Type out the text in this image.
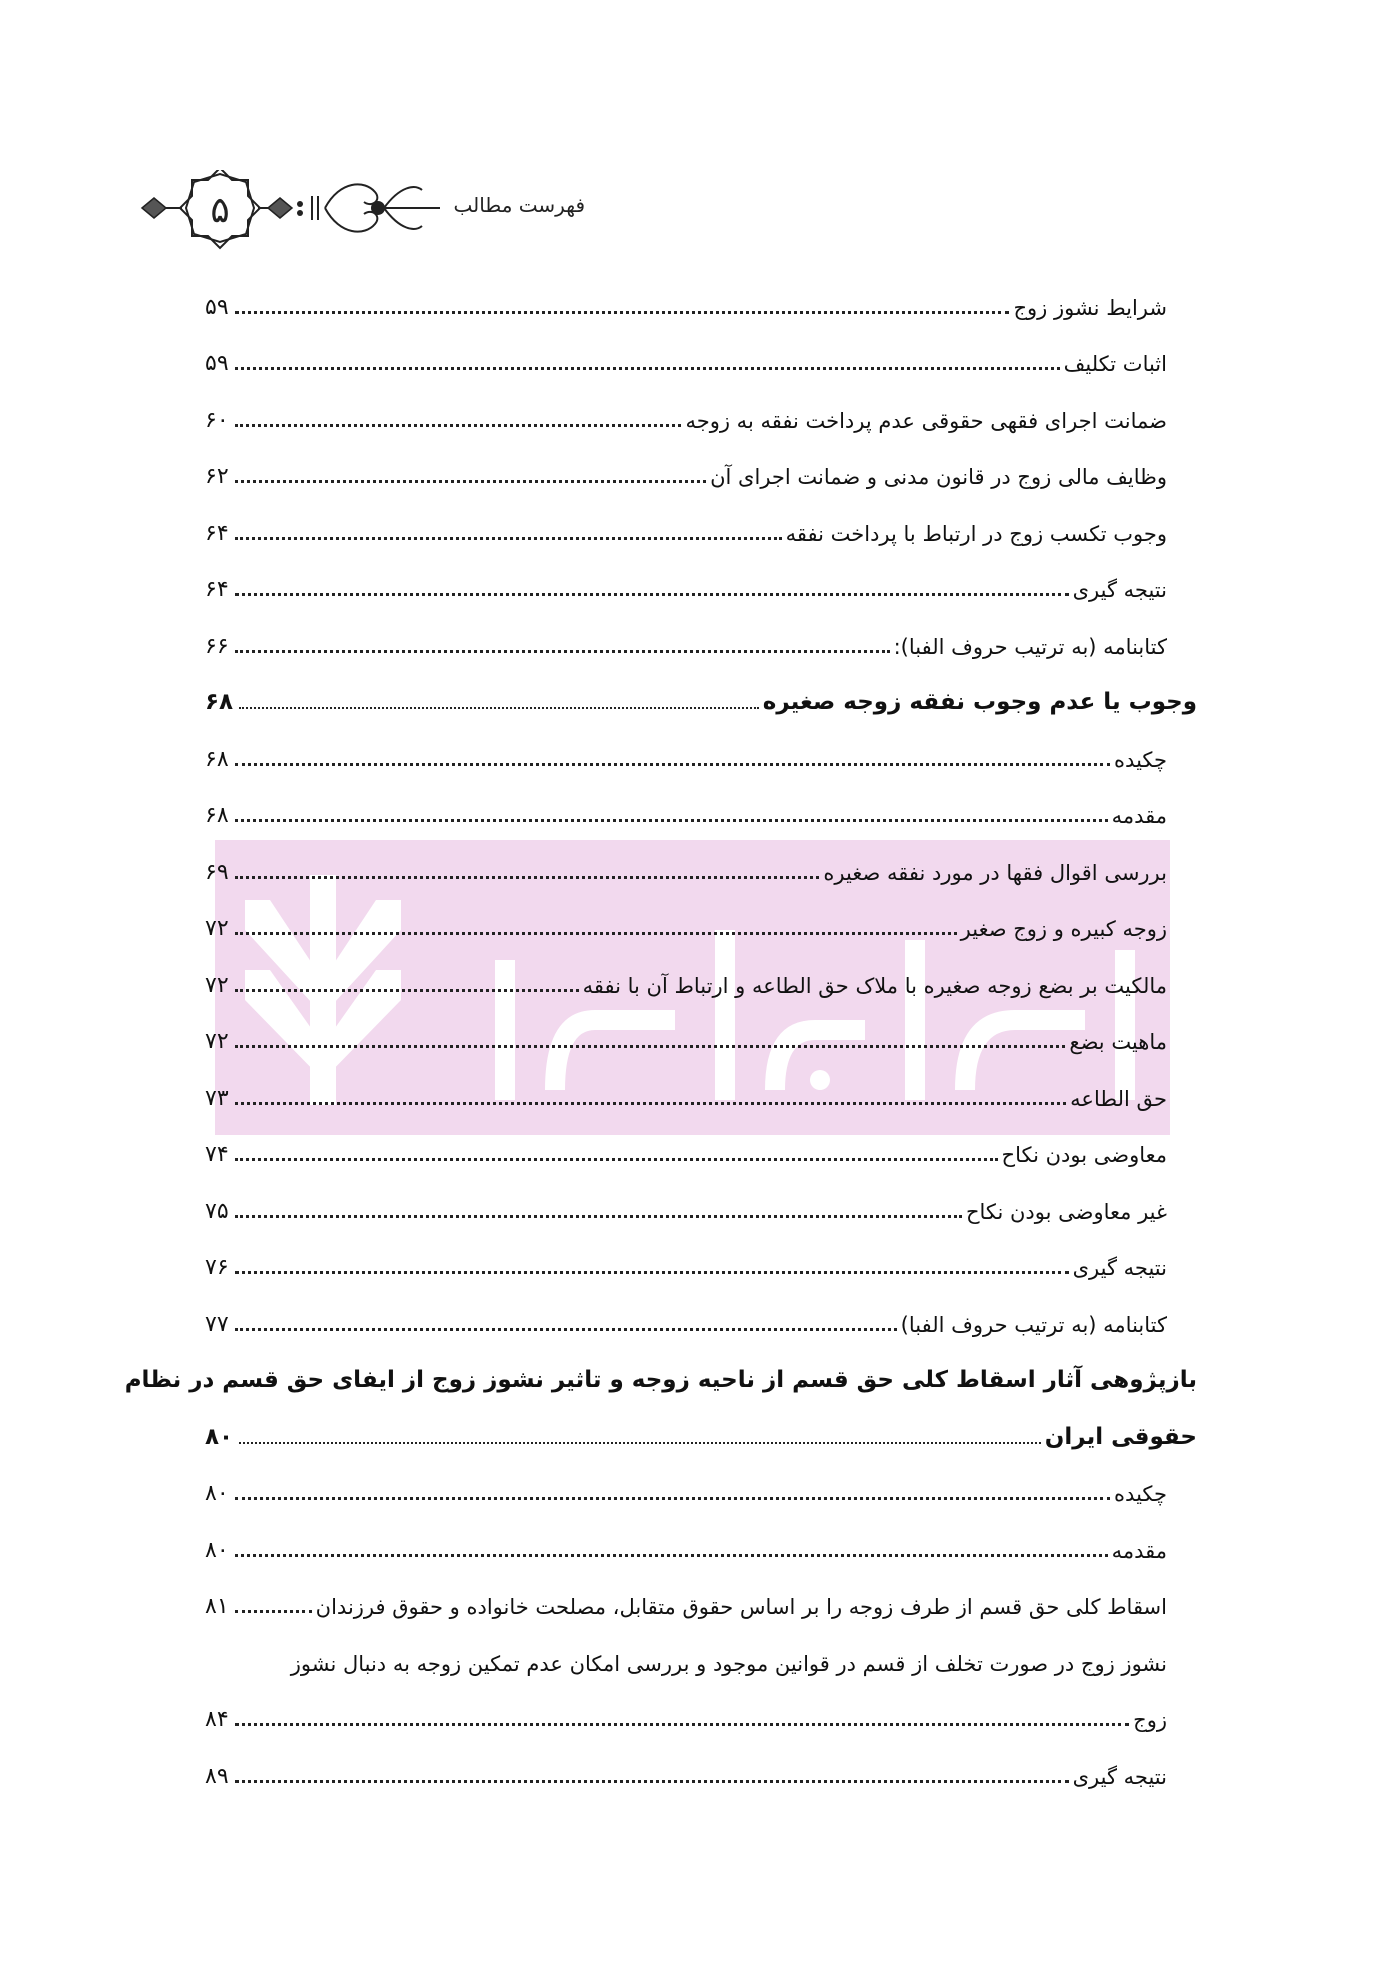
۵	فهرست مطالب
۵۹	شرایط نشوز زوج
۵۹	اثبات تکلیف
۶۰	ضمانت اجرای فقهی حقوقی عدم پرداخت نفقه به زوجه
۶۲	وظایف مالی زوج در قانون مدنی و ضمانت اجرای آن
۶۴	وجوب تکسب زوج در ارتباط با پرداخت نفقه
۶۴	نتیجه گیری
۶۶	کتابنامه (به ترتیب حروف الفبا):
۶۸	وجوب یا عدم وجوب نفقه زوجه صغیره
۶۸	چکیده
۶۸	مقدمه
۶۹	بررسی اقوال فقها در مورد نفقه صغیره
۷۲	زوجه کبیره و زوج صغیر
۷۲	مالکیت بر بضع زوجه صغیره با ملاک حق الطاعه و ارتباط آن با نفقه
۷۲	ماهیت بضع
۷۳	حق الطاعه
۷۴	معاوضی بودن نکاح
۷۵	غیر معاوضی بودن نکاح
۷۶	نتیجه گیری
۷۷	کتابنامه (به ترتیب حروف الفبا)
بازپژوهی آثار اسقاط کلی حق قسم از ناحیه زوجه و تاثیر نشوز زوج از ایفای حق قسم در نظام
۸۰	حقوقی ایران
۸۰	چکیده
۸۰	مقدمه
۸۱	اسقاط کلی حق قسم از طرف زوجه را بر اساس حقوق متقابل، مصلحت خانواده و حقوق فرزندان
نشوز زوج در صورت تخلف از قسم در قوانین موجود و بررسی امکان عدم تمکین زوجه به دنبال نشوز
۸۴	زوج
۸۹	نتیجه گیری
